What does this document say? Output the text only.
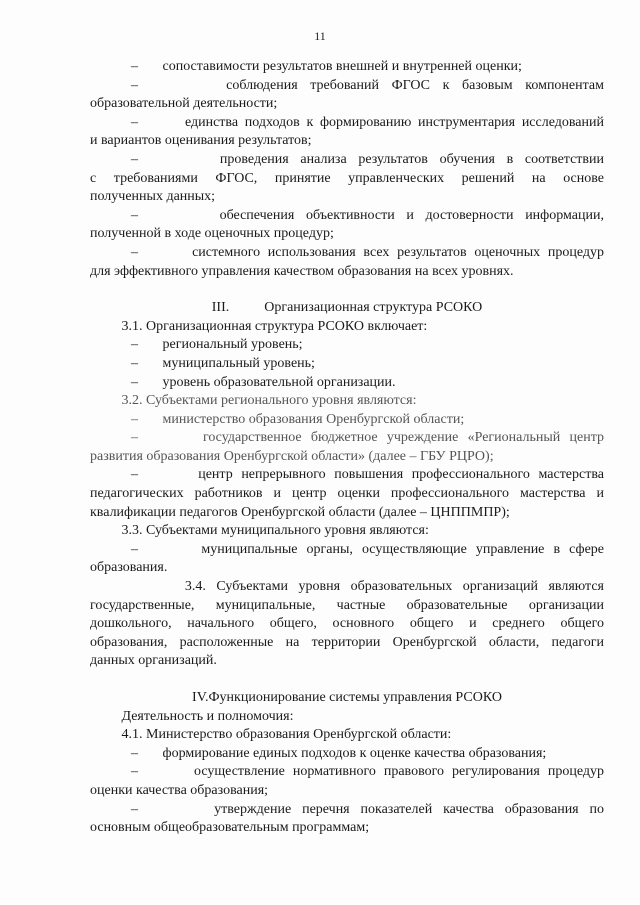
11

–       сопоставимости результатов внешней и внутренней оценки;

–       соблюдения требований ФГОС к базовым компонентам

образовательной деятельности;

–       единства подходов к формированию инструментария исследований

и вариантов оценивания результатов;

–       проведения анализа результатов обучения в соответствии

с требованиями ФГОС, принятие управленческих решений на основе

полученных данных;

–       обеспечения объективности и достоверности информации,

полученной в ходе оценочных процедур;

–       системного использования всех результатов оценочных процедур

для эффективного управления качеством образования на всех уровнях.

III.          Организационная структура РСОКО

3.1. Организационная структура РСОКО включает:

–       региональный уровень;

–       муниципальный уровень;

–       уровень образовательной организации.

3.2. Субъектами регионального уровня являются:

–       министерство образования Оренбургской области;

–       государственное бюджетное учреждение «Региональный центр

развития образования Оренбургской области» (далее – ГБУ РЦРО);

–       центр непрерывного повышения профессионального мастерства

педагогических работников и центр оценки профессионального мастерства и

квалификации педагогов Оренбургской области (далее – ЦНППМПР);

3.3. Субъектами муниципального уровня являются:

–       муниципальные органы, осуществляющие управление в сфере

образования.

3.4. Субъектами уровня образовательных организаций являются

государственные, муниципальные, частные образовательные организации

дошкольного, начального общего, основного общего и среднего общего

образования, расположенные на территории Оренбургской области, педагоги

данных организаций.

IV.Функционирование системы управления РСОКО

Деятельность и полномочия:

4.1. Министерство образования Оренбургской области:

–       формирование единых подходов к оценке качества образования;

–       осуществление нормативного правового регулирования процедур

оценки качества образования;

–       утверждение перечня показателей качества образования по

основным общеобразовательным программам;
